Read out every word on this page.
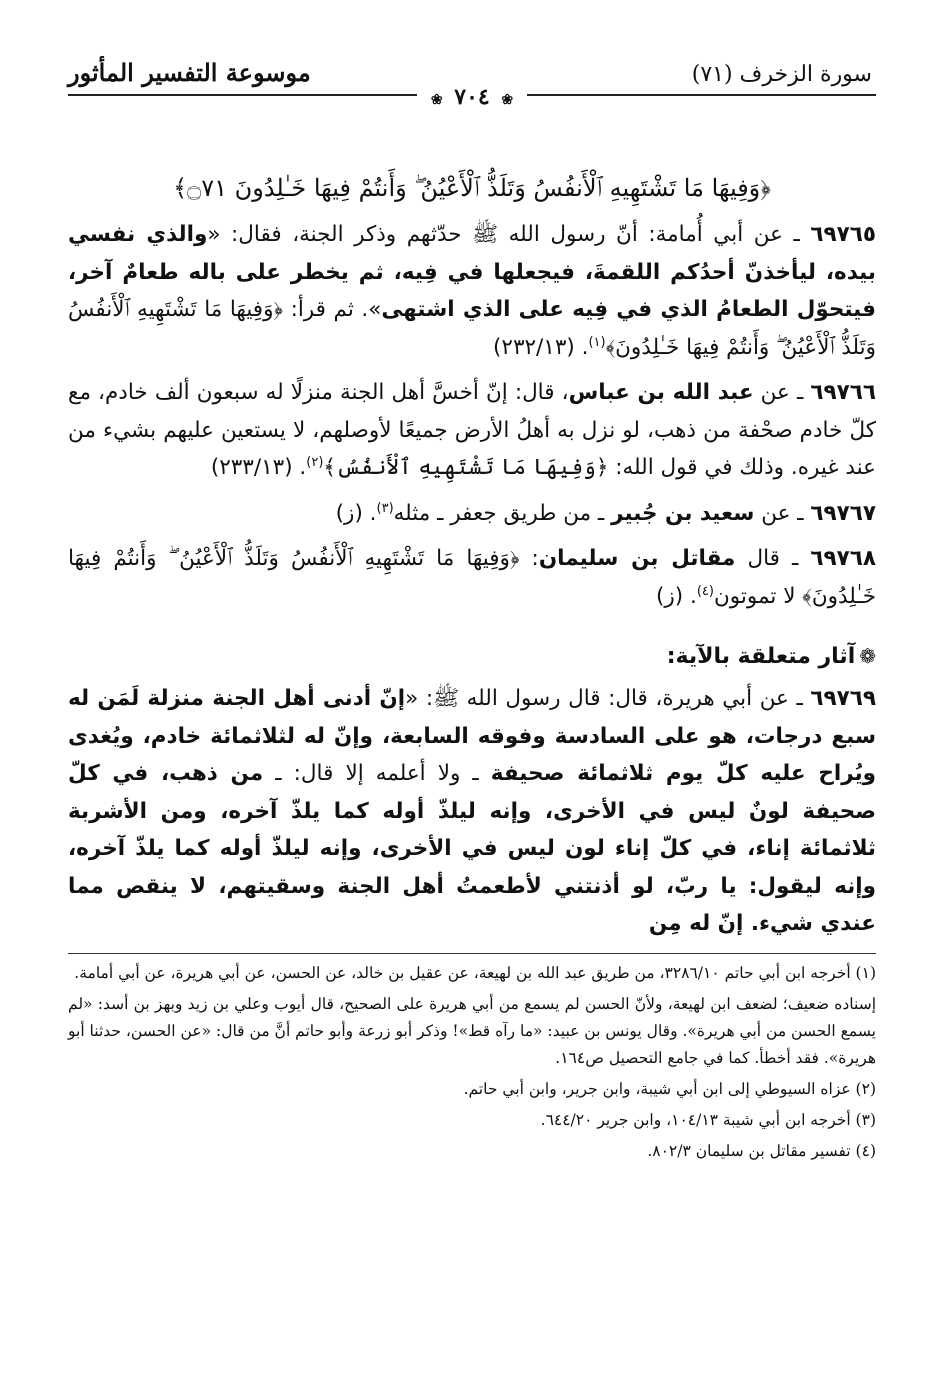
سورة الزخرف (٧١)
موسوعة التفسير المأثور
❀ ٧٠٤ ❀
﴿وَفِيهَا مَا تَشْتَهِيهِ ٱلْأَنفُسُ وَتَلَذُّ ٱلْأَعْيُنُ ۖ وَأَنتُمْ فِيهَا خَـٰلِدُونَ ۝٧١﴾
٦٩٧٦٥ ـ عن أبي أُمامة: أنّ رسول الله ﷺ حدّثهم وذكر الجنة، فقال: «والذي نفسي بيده، ليأخذنّ أحدُكم اللقمةَ، فيجعلها في فِيه، ثم يخطر على باله طعامٌ آخر، فيتحوّل الطعامُ الذي في فِيه على الذي اشتهى». ثم قرأ: ﴿وَفِيهَا مَا تَشْتَهِيهِ ٱلْأَنفُسُ وَتَلَذُّ ٱلْأَعْيُنُ ۖ وَأَنتُمْ فِيهَا خَـٰلِدُونَ﴾$^{(١)}$. (٢٣٢/١٣)
٦٩٧٦٦ ـ عن عبد الله بن عباس، قال: إنّ أخسَّ أهل الجنة منزلًا له سبعون ألف خادم، مع كلّ خادم صحْفة من ذهب، لو نزل به أهلُ الأرض جميعًا لأوصلهم، لا يستعين عليهم بشيء من عند غيره. وذلك في قول الله: ﴿وَفِيهَا مَا تَشْتَهِيهِ ٱلْأَنفُسُ﴾$^{(٢)}$. (٢٣٣/١٣)
٦٩٧٦٧ ـ عن سعيد بن جُبير ـ من طريق جعفر ـ مثله$^{(٣)}$. (ز)
٦٩٧٦٨ ـ قال مقاتل بن سليمان: ﴿وَفِيهَا مَا تَشْتَهِيهِ ٱلْأَنفُسُ وَتَلَذُّ ٱلْأَعْيُنُ ۖ وَأَنتُمْ فِيهَا خَـٰلِدُونَ﴾ لا تموتون$^{(٤)}$. (ز)
❁آثار متعلقة بالآية:
٦٩٧٦٩ ـ عن أبي هريرة، قال: قال رسول الله ﷺ: «إنّ أدنى أهل الجنة منزلة لَمَن له سبع درجات، هو على السادسة وفوقه السابعة، وإنّ له لثلاثمائة خادم، ويُغدى ويُراح عليه كلّ يوم ثلاثمائة صحيفة ـ ولا أعلمه إلا قال: ـ من ذهب، في كلّ صحيفة لونٌ ليس في الأخرى، وإنه ليلذّ أوله كما يلذّ آخره، ومن الأشربة ثلاثمائة إناء، في كلّ إناء لون ليس في الأخرى، وإنه ليلذّ أوله كما يلذّ آخره، وإنه ليقول: يا ربّ، لو أذنتني لأطعمتُ أهل الجنة وسقيتهم، لا ينقص مما عندي شيء. إنّ له مِن

(١) أخرجه ابن أبي حاتم ٣٢٨٦/١٠، من طريق عبد الله بن لهيعة، عن عقيل بن خالد، عن الحسن، عن أبي هريرة، عن أبي أمامة.

إسناده ضعيف؛ لضعف ابن لهيعة، ولأنّ الحسن لم يسمع من أبي هريرة على الصحيح، قال أيوب وعلي بن زيد وبهز بن أسد: «لم يسمع الحسن من أبي هريرة». وقال يونس بن عبيد: «ما رآه قط»! وذكر أبو زرعة وأبو حاتم أنَّ من قال: «عن الحسن، حدثنا أبو هريرة». فقد أخطأ. كما في جامع التحصيل ص١٦٤.

(٢) عزاه السيوطي إلى ابن أبي شيبة، وابن جرير، وابن أبي حاتم.

(٣) أخرجه ابن أبي شيبة ١٠٤/١٣، وابن جرير ٦٤٤/٢٠.

(٤) تفسير مقاتل بن سليمان ٨٠٢/٣.
